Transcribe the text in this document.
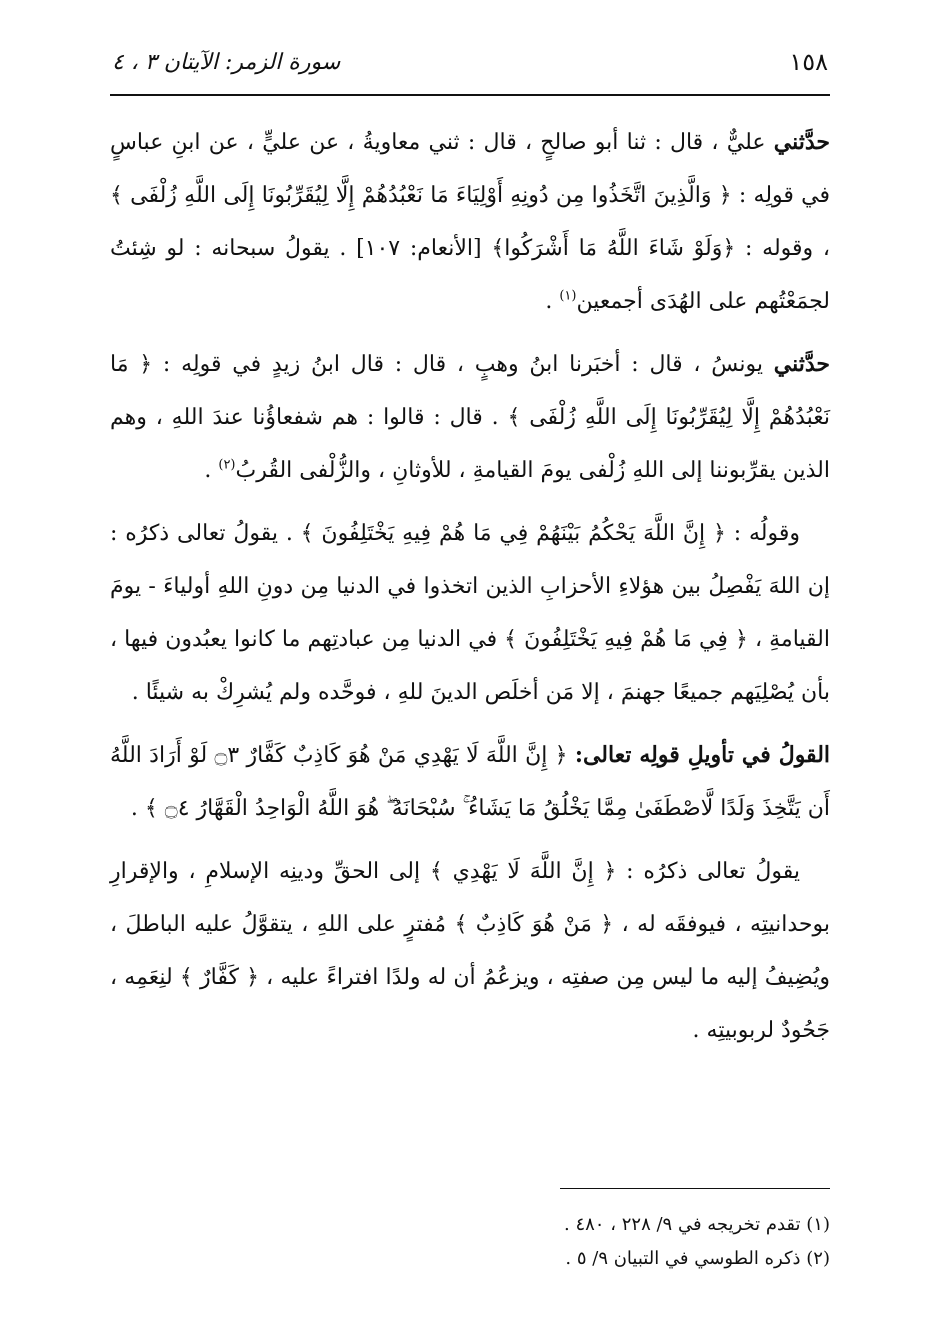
١٥٨
سورة الزمر: الآيتان ٣ ، ٤

حدَّثني عليٌّ ، قال : ثنا أبو صالحٍ ، قال : ثني معاويةُ ، عن عليٍّ ، عن ابنِ عباسٍ في قولِه : ﴿ وَالَّذِينَ اتَّخَذُوا مِن دُونِهِ أَوْلِيَاءَ مَا نَعْبُدُهُمْ إِلَّا لِيُقَرِّبُونَا إِلَى اللَّهِ زُلْفَى ﴾ ، وقوله : ﴿وَلَوْ شَاءَ اللَّهُ مَا أَشْرَكُوا﴾ [الأنعام: ١٠٧] . يقولُ سبحانه : لو شِئتُ لجمَعْتُهم على الهُدَى أجمعين$^{(١)}$ .

حدَّثني يونسُ ، قال : أخبَرنا ابنُ وهبٍ ، قال : قال ابنُ زيدٍ في قولِه : ﴿ مَا نَعْبُدُهُمْ إِلَّا لِيُقَرِّبُونَا إِلَى اللَّهِ زُلْفَى ﴾ . قال : قالوا : هم شفعاؤُنا عندَ اللهِ ، وهم الذين يقرِّبوننا إلى اللهِ زُلْفى يومَ القيامةِ ، للأوثانِ ، والزُّلْفى القُربُ$^{(٢)}$ .

وقولُه : ﴿ إِنَّ اللَّهَ يَحْكُمُ بَيْنَهُمْ فِي مَا هُمْ فِيهِ يَخْتَلِفُونَ ﴾ . يقولُ تعالى ذكرُه : إن اللهَ يَفْصِلُ بين هؤلاءِ الأحزابِ الذين اتخذوا في الدنيا مِن دونِ اللهِ أولياءَ - يومَ القيامةِ ، ﴿ فِي مَا هُمْ فِيهِ يَخْتَلِفُونَ ﴾ في الدنيا مِن عبادتِهم ما كانوا يعبُدون فيها ، بأن يُصْلِيَهم جميعًا جهنمَ ، إلا مَن أخلَص الدينَ للهِ ، فوحَّده ولم يُشرِكْ به شيئًا .

القولُ في تأويلِ قولِه تعالى: ﴿ إِنَّ اللَّهَ لَا يَهْدِي مَنْ هُوَ كَاذِبٌ كَفَّارٌ ۝٣ لَوْ أَرَادَ اللَّهُ أَن يَتَّخِذَ وَلَدًا لَّاصْطَفَىٰ مِمَّا يَخْلُقُ مَا يَشَاءُ ۚ سُبْحَانَهُ ۖ هُوَ اللَّهُ الْوَاحِدُ الْقَهَّارُ ۝٤ ﴾ .

يقولُ تعالى ذكرُه : ﴿ إِنَّ اللَّهَ لَا يَهْدِي ﴾ إلى الحقِّ ودينِه الإسلامِ ، والإقرارِ بوحدانيتِه ، فيوفقَه له ، ﴿ مَنْ هُوَ كَاذِبٌ ﴾ مُفترٍ على اللهِ ، يتقوَّلُ عليه الباطلَ ، ويُضِيفُ إليه ما ليس مِن صفتِه ، ويزعُمُ أن له ولدًا افتراءً عليه ، ﴿ كَفَّارٌ ﴾ لنِعَمِه ، جَحُودٌ لربوبيتِه .

(١) تقدم تخريجه في ٩/ ٢٢٨ ، ٤٨٠ .

(٢) ذكره الطوسي في التبيان ٩/ ٥ .
